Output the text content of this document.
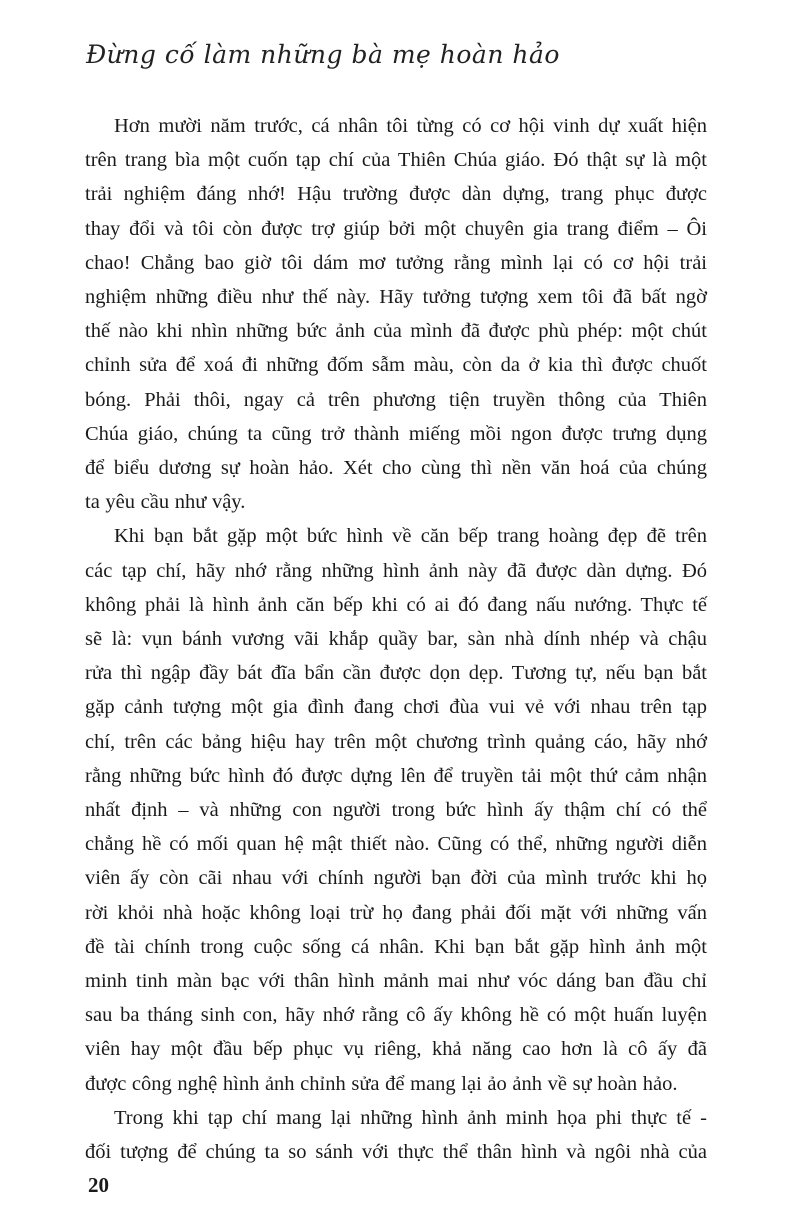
Đừng cố làm những bà mẹ hoàn hảo

Hơn mười năm trước, cá nhân tôi từng có cơ hội vinh dự xuất hiện
trên trang bìa một cuốn tạp chí của Thiên Chúa giáo. Đó thật sự là một
trải nghiệm đáng nhớ! Hậu trường được dàn dựng, trang phục được
thay đổi và tôi còn được trợ giúp bởi một chuyên gia trang điểm – Ôi
chao! Chẳng bao giờ tôi dám mơ tưởng rằng mình lại có cơ hội trải
nghiệm những điều như thế này. Hãy tưởng tượng xem tôi đã bất ngờ
thế nào khi nhìn những bức ảnh của mình đã được phù phép: một chút
chỉnh sửa để xoá đi những đốm sẫm màu, còn da ở kia thì được chuốt
bóng. Phải thôi, ngay cả trên phương tiện truyền thông của Thiên
Chúa giáo, chúng ta cũng trở thành miếng mồi ngon được trưng dụng
để biểu dương sự hoàn hảo. Xét cho cùng thì nền văn hoá của chúng
ta yêu cầu như vậy.

Khi bạn bắt gặp một bức hình về căn bếp trang hoàng đẹp đẽ trên
các tạp chí, hãy nhớ rằng những hình ảnh này đã được dàn dựng. Đó
không phải là hình ảnh căn bếp khi có ai đó đang nấu nướng. Thực tế
sẽ là: vụn bánh vương vãi khắp quầy bar, sàn nhà dính nhép và chậu
rửa thì ngập đầy bát đĩa bẩn cần được dọn dẹp. Tương tự, nếu bạn bắt
gặp cảnh tượng một gia đình đang chơi đùa vui vẻ với nhau trên tạp
chí, trên các bảng hiệu hay trên một chương trình quảng cáo, hãy nhớ
rằng những bức hình đó được dựng lên để truyền tải một thứ cảm nhận
nhất định – và những con người trong bức hình ấy thậm chí có thể
chẳng hề có mối quan hệ mật thiết nào. Cũng có thể, những người diễn
viên ấy còn cãi nhau với chính người bạn đời của mình trước khi họ
rời khỏi nhà hoặc không loại trừ họ đang phải đối mặt với những vấn
đề tài chính trong cuộc sống cá nhân. Khi bạn bắt gặp hình ảnh một
minh tinh màn bạc với thân hình mảnh mai như vóc dáng ban đầu chỉ
sau ba tháng sinh con, hãy nhớ rằng cô ấy không hề có một huấn luyện
viên hay một đầu bếp phục vụ riêng, khả năng cao hơn là cô ấy đã
được công nghệ hình ảnh chỉnh sửa để mang lại ảo ảnh về sự hoàn hảo.

Trong khi tạp chí mang lại những hình ảnh minh họa phi thực tế -
đối tượng để chúng ta so sánh với thực thể thân hình và ngôi nhà của

20
